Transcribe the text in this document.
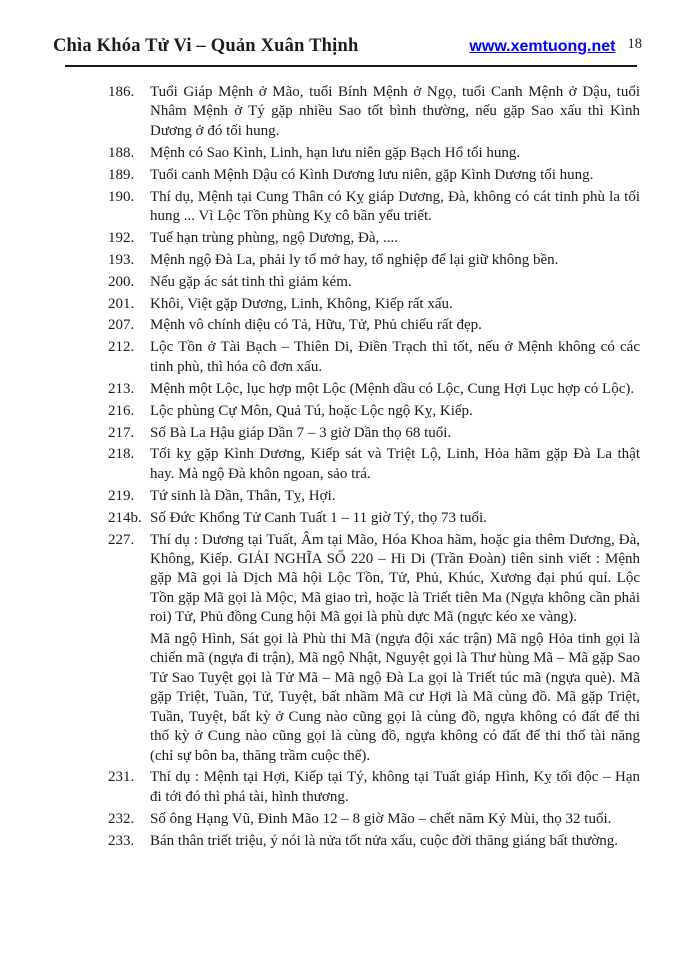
Chìa Khóa Tử Vi – Quản Xuân Thịnh	www.xemtuong.net 18
186.	Tuổi Giáp Mệnh ở Mão, tuổi Bính Mệnh ở Ngọ, tuổi Canh Mệnh ở Dậu, tuổi Nhâm Mệnh ở Tý gặp nhiều Sao tốt bình thường, nếu gặp Sao xấu thì Kình Dương ở đó tối hung.

188.	Mệnh có Sao Kình, Linh, hạn lưu niên gặp Bạch Hổ tối hung.

189.	Tuổi canh Mệnh Dậu có Kình Dương lưu niên, gặp Kình Dương tối hung.

190.	Thí dụ, Mệnh tại Cung Thân có Kỵ giáp Dương, Đà, không có cát tinh phù la tối hung ... Vì Lộc Tồn phùng Kỵ cô bần yểu triết.

192.	Tuế hạn trùng phùng, ngộ Dương, Đà, ....

193.	Mệnh ngộ Đà La, phải ly tổ mở hay, tổ nghiệp để lại giữ không bền.

200.	Nếu gặp ác sát tinh thì giảm kém.

201.	Khôi, Việt gặp Dương, Linh, Không, Kiếp rất xấu.

207.	Mệnh vô chính diệu có Tả, Hữu, Tử, Phủ chiếu rất đẹp.

212.	Lộc Tồn ở Tài Bạch – Thiên Di, Điền Trạch thì tốt, nếu ở Mệnh không có các tinh phù, thì hóa cô đơn xấu.

213.	Mệnh một Lộc, lục hợp một Lộc (Mệnh dầu có Lộc, Cung Hợi Lục hợp có Lộc).

216.	Lộc phùng Cự Môn, Quả Tú, hoặc Lộc ngộ Kỵ, Kiếp.

217.	Số Bà La Hậu giáp Dần 7 – 3 giờ Dần thọ 68 tuổi.

218.	Tối kỵ gặp Kình Dương, Kiếp sát và Triệt Lộ, Linh, Hỏa hãm gặp Đà La thật hay. Mà ngộ Đà khôn ngoan, sảo trá.

219.	Tứ sinh là Dần, Thân, Tỵ, Hợi.

214b. Số Đức Khổng Tử Canh Tuất 1 – 11 giờ Tý, thọ 73 tuổi.

227.	Thí dụ : Dương tại Tuất, Âm tại Mão, Hóa Khoa hãm, hoặc gia thêm Dương, Đà, Không, Kiếp. GIẢI NGHĨA SỐ 220 – Hi Di (Trần Đoàn) tiên sinh viết : Mệnh gặp Mã gọi là Dịch Mã hội Lộc Tồn, Tử, Phủ, Khúc, Xương đại phú quí. Lộc Tồn gặp Mã gọi là Mộc, Mã giao trì, hoặc là Triết tiên Ma (Ngựa không cần phải roi) Tử, Phủ đồng Cung hội Mã gọi là phù dực Mã (ngực kéo xe vàng).

Mã ngộ Hình, Sát gọi là Phù thi Mã (ngựa đội xác trận) Mã ngộ Hỏa tinh gọi là chiến mã (ngựa đi trận), Mã ngộ Nhật, Nguyệt gọi là Thư hùng Mã – Mã gặp Sao Tử Sao Tuyệt gọi là Tử Mã – Mã ngộ Đà La gọi là Triết túc mã (ngựa què). Mã gặp Triệt, Tuần, Tử, Tuyệt, bất nhầm Mã cư Hợi là Mã cùng đồ. Mã gặp Triệt, Tuần, Tuyệt, bất kỳ ở Cung nào cũng gọi là cùng đồ, ngựa không có đất để thi thố kỳ ở Cung nào cũng gọi là cùng đồ, ngựa không có đất để thi thố tài năng (chỉ sự bôn ba, thăng trầm cuộc thế).

231.	Thí dụ : Mệnh tại Hợi, Kiếp tại Tý, không tại Tuất giáp Hình, Kỵ tối độc – Hạn đi tới đó thì phá tài, hình thương.

232.	Số ông Hạng Vũ, Đinh Mão 12 – 8 giờ Mão – chết năm Kỷ Mùi, thọ 32 tuổi.

233.	Bán thân triết triệu, ý nói là nửa tốt nửa xấu, cuộc đời thăng giáng bất thường.
